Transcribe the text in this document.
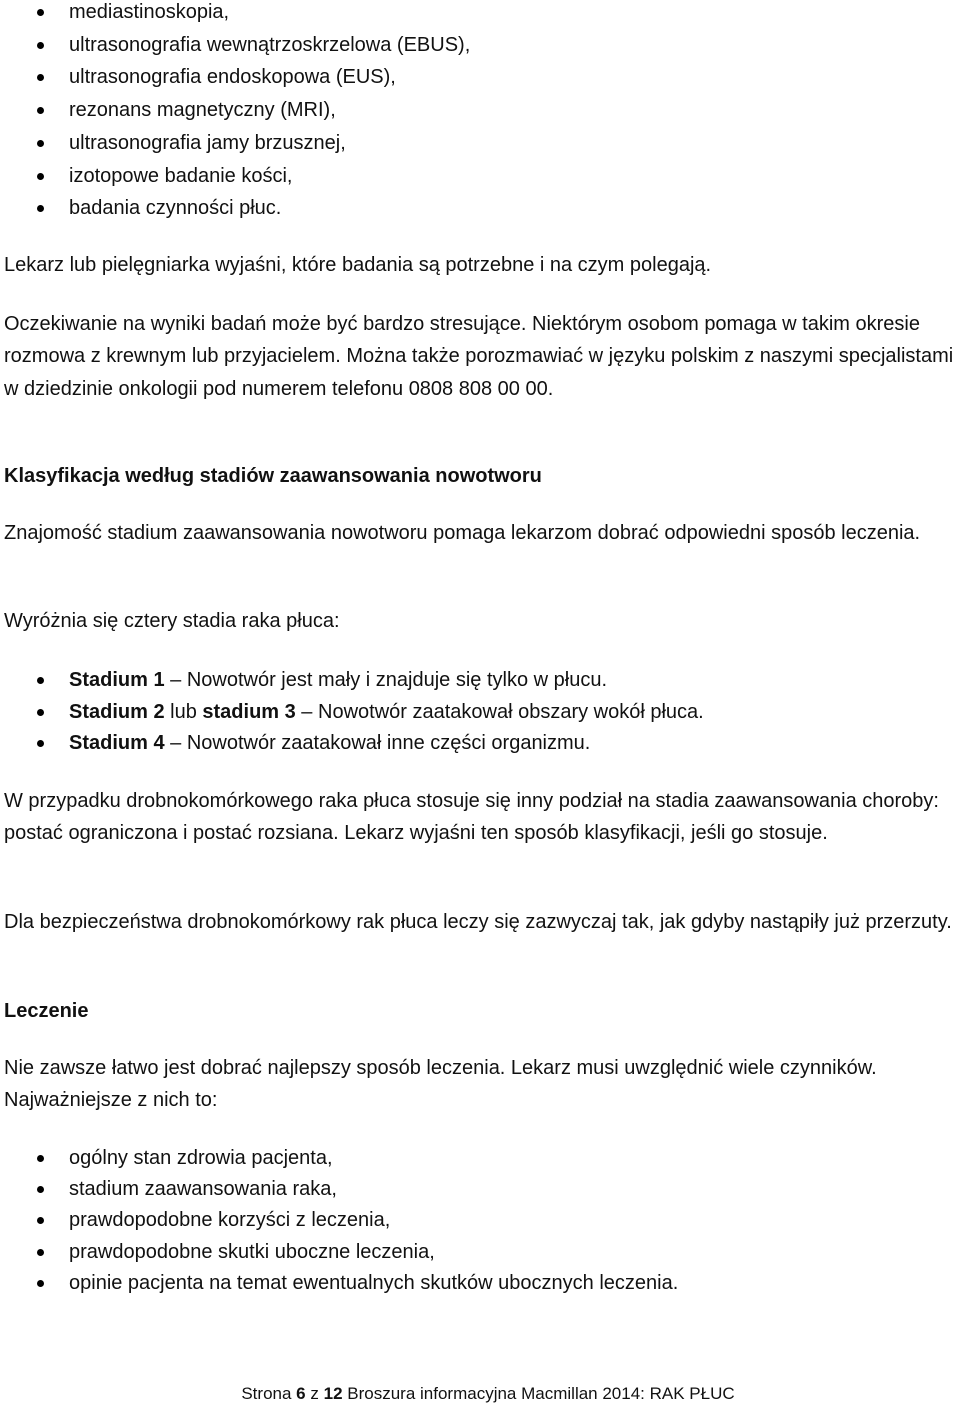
mediastinoskopia,
ultrasonografia wewnątrzoskrzelowa (EBUS),
ultrasonografia endoskopowa (EUS),
rezonans magnetyczny (MRI),
ultrasonografia jamy brzusznej,
izotopowe badanie kości,
badania czynności płuc.

Lekarz lub pielęgniarka wyjaśni, które badania są potrzebne i na czym polegają.

Oczekiwanie na wyniki badań może być bardzo stresujące. Niektórym osobom pomaga w takim okresie rozmowa z krewnym lub przyjacielem. Można także porozmawiać w języku polskim z naszymi specjalistami w dziedzinie onkologii pod numerem telefonu 0808 808 00 00.

Klasyfikacja według stadiów zaawansowania nowotworu

Znajomość stadium zaawansowania nowotworu pomaga lekarzom dobrać odpowiedni sposób leczenia.

Wyróżnia się cztery stadia raka płuca:

Stadium 1 – Nowotwór jest mały i znajduje się tylko w płucu.
Stadium 2 lub stadium 3 – Nowotwór zaatakował obszary wokół płuca.
Stadium 4 – Nowotwór zaatakował inne części organizmu.

W przypadku drobnokomórkowego raka płuca stosuje się inny podział na stadia zaawansowania choroby: postać ograniczona i postać rozsiana. Lekarz wyjaśni ten sposób klasyfikacji, jeśli go stosuje.

Dla bezpieczeństwa drobnokomórkowy rak płuca leczy się zazwyczaj tak, jak gdyby nastąpiły już przerzuty.

Leczenie

Nie zawsze łatwo jest dobrać najlepszy sposób leczenia. Lekarz musi uwzględnić wiele czynników. Najważniejsze z nich to:

ogólny stan zdrowia pacjenta,
stadium zaawansowania raka,
prawdopodobne korzyści z leczenia,
prawdopodobne skutki uboczne leczenia,
opinie pacjenta na temat ewentualnych skutków ubocznych leczenia.
Strona 6 z 12 Broszura informacyjna Macmillan 2014: RAK PŁUC
